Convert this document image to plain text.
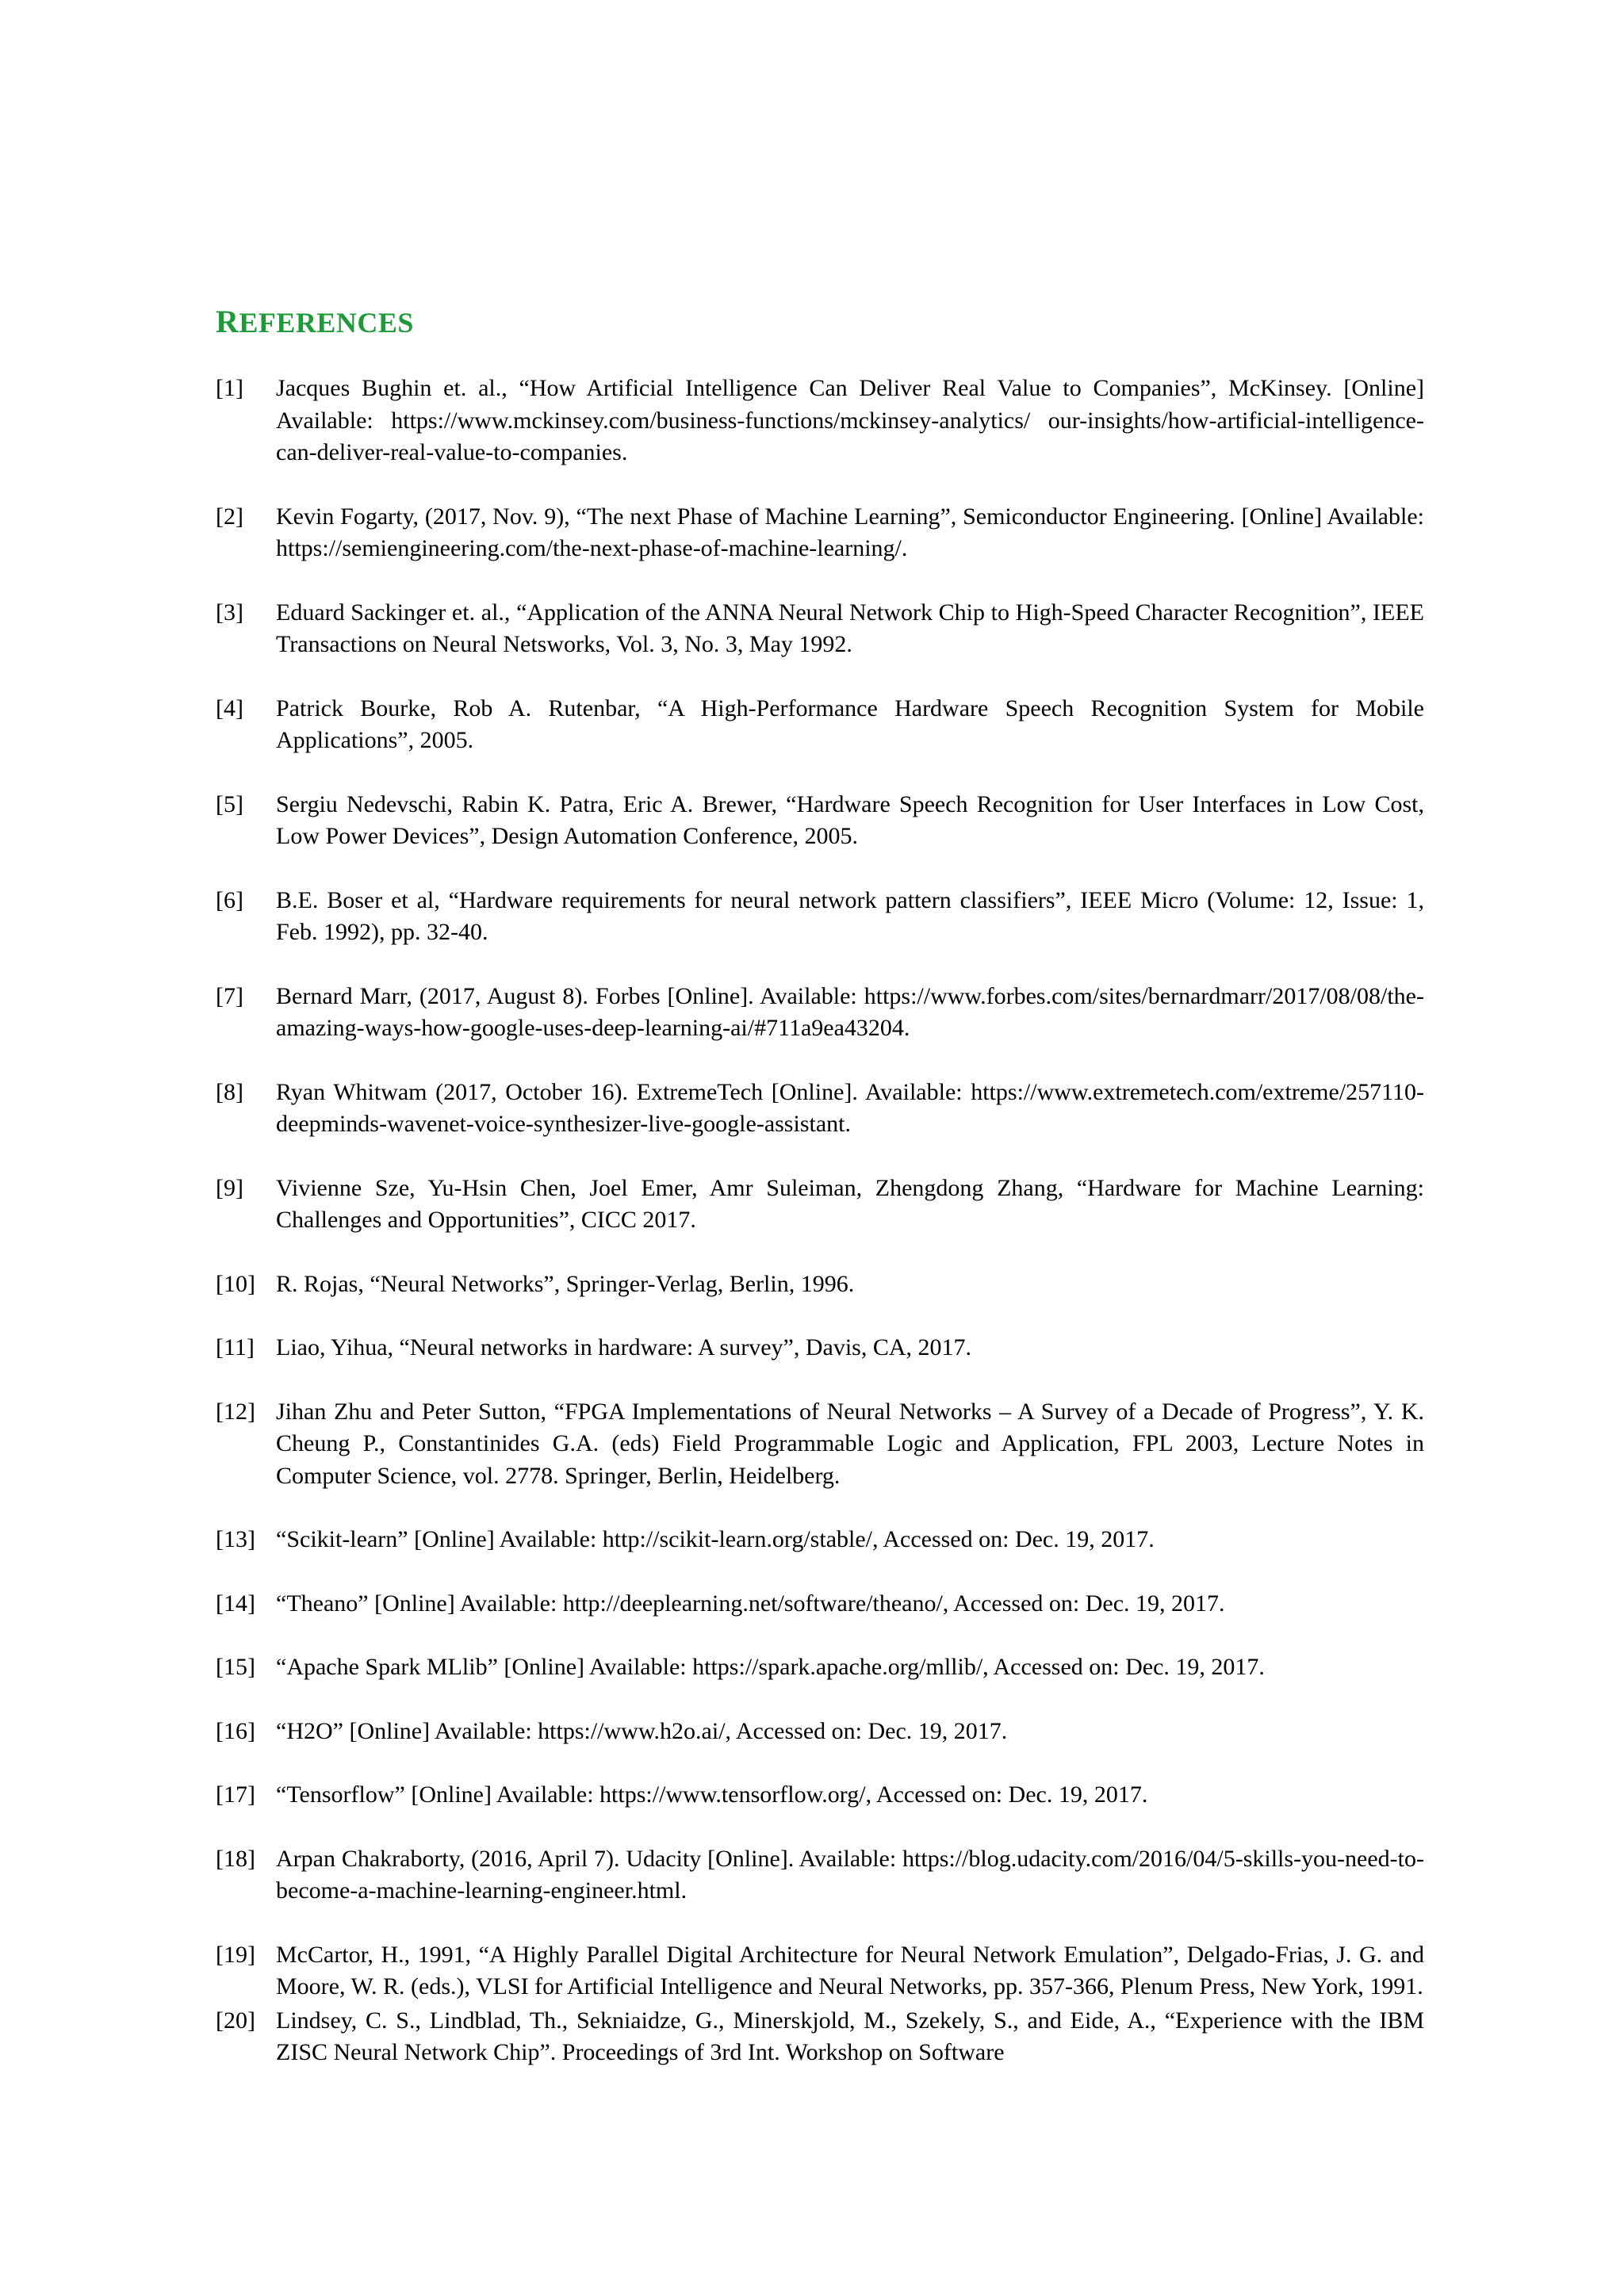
REFERENCES
[1]	Jacques Bughin et. al., “How Artificial Intelligence Can Deliver Real Value to Companies”, McKinsey. [Online] Available: https://www.mckinsey.com/business-functions/mckinsey-analytics/ our-insights/how-artificial-intelligence-can-deliver-real-value-to-companies.
[2]	Kevin Fogarty, (2017, Nov. 9), “The next Phase of Machine Learning”, Semiconductor Engineering. [Online] Available: https://semiengineering.com/the-next-phase-of-machine-learning/.
[3]	Eduard Sackinger et. al., “Application of the ANNA Neural Network Chip to High-Speed Character Recognition”, IEEE Transactions on Neural Netsworks, Vol. 3, No. 3, May 1992.
[4]	Patrick Bourke, Rob A. Rutenbar, “A High-Performance Hardware Speech Recognition System for Mobile Applications”, 2005.
[5]	Sergiu Nedevschi, Rabin K. Patra, Eric A. Brewer, “Hardware Speech Recognition for User Interfaces in Low Cost, Low Power Devices”, Design Automation Conference, 2005.
[6]	B.E. Boser et al, “Hardware requirements for neural network pattern classifiers”, IEEE Micro (Volume: 12, Issue: 1, Feb. 1992), pp. 32-40.
[7]	Bernard Marr, (2017, August 8). Forbes [Online]. Available: https://www.forbes.com/sites/bernardmarr/2017/08/08/the-amazing-ways-how-google-uses-deep-learning-ai/#711a9ea43204.
[8]	Ryan Whitwam (2017, October 16). ExtremeTech [Online]. Available: https://www.extremetech.com/extreme/257110-deepminds-wavenet-voice-synthesizer-live-google-assistant.
[9]	Vivienne Sze, Yu-Hsin Chen, Joel Emer, Amr Suleiman, Zhengdong Zhang, “Hardware for Machine Learning: Challenges and Opportunities”, CICC 2017.
[10] R. Rojas, “Neural Networks”, Springer-Verlag, Berlin, 1996.
[11] Liao, Yihua, “Neural networks in hardware: A survey”, Davis, CA, 2017.
[12] Jihan Zhu and Peter Sutton, “FPGA Implementations of Neural Networks – A Survey of a Decade of Progress”, Y. K. Cheung P., Constantinides G.A. (eds) Field Programmable Logic and Application, FPL 2003, Lecture Notes in Computer Science, vol. 2778. Springer, Berlin, Heidelberg.
[13] “Scikit-learn” [Online] Available: http://scikit-learn.org/stable/, Accessed on: Dec. 19, 2017.
[14] “Theano” [Online] Available: http://deeplearning.net/software/theano/, Accessed on: Dec. 19, 2017.
[15] “Apache Spark MLlib” [Online] Available: https://spark.apache.org/mllib/, Accessed on: Dec. 19, 2017.
[16] “H2O” [Online] Available: https://www.h2o.ai/, Accessed on: Dec. 19, 2017.
[17] “Tensorflow” [Online] Available: https://www.tensorflow.org/, Accessed on: Dec. 19, 2017.
[18] Arpan Chakraborty, (2016, April 7). Udacity [Online]. Available: https://blog.udacity.com/2016/04/5-skills-you-need-to-become-a-machine-learning-engineer.html.
[19] McCartor, H., 1991, “A Highly Parallel Digital Architecture for Neural Network Emulation”, Delgado-Frias, J. G. and Moore, W. R. (eds.), VLSI for Artificial Intelligence and Neural Networks, pp. 357-366, Plenum Press, New York, 1991.
[20] Lindsey, C. S., Lindblad, Th., Sekniaidze, G., Minerskjold, M., Szekely, S., and Eide, A., “Experience with the IBM ZISC Neural Network Chip”. Proceedings of 3rd Int. Workshop on Software
